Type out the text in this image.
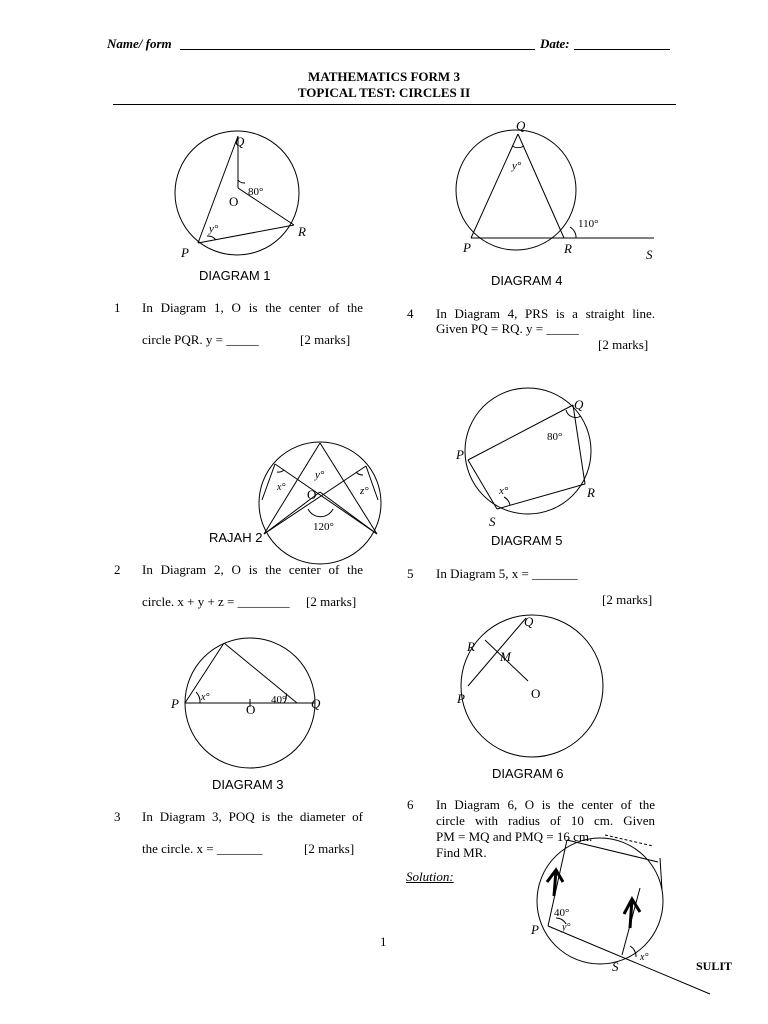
Name/ form	Date:
MATHEMATICS FORM 3
TOPICAL TEST: CIRCLES II
Q
O
80°
P
R
y°
Q
y°
110°
P	R	S
y°
x°	z°
O
120°
Q
80°
P
x°	R
S
P x°	40°
O	Q
R
Q
M
P	O
40°
y°
P
S
x°
DIAGRAM 1	DIAGRAM 4
RAJAH 2	DIAGRAM 5
DIAGRAM 3
DIAGRAM 6
1 In Diagram 1, O is the center of the
circle PQR. y = _____	[2 marks]
4 In Diagram 4, PRS is a straight line.
Given PQ = RQ. y = _____
[2 marks]
2 In Diagram 2, O is the center of the
circle. x + y + z = ________ [2 marks]
5 In Diagram 5, x = _______
[2 marks]
3 In Diagram 3, POQ is the diameter of
the circle. x = _______	[2 marks]
6 In Diagram 6, O is the center of the
circle with radius of 10 cm. Given
PM = MQ and PMQ = 16 cm.
Find MR.
Solution:
1
SULIT
